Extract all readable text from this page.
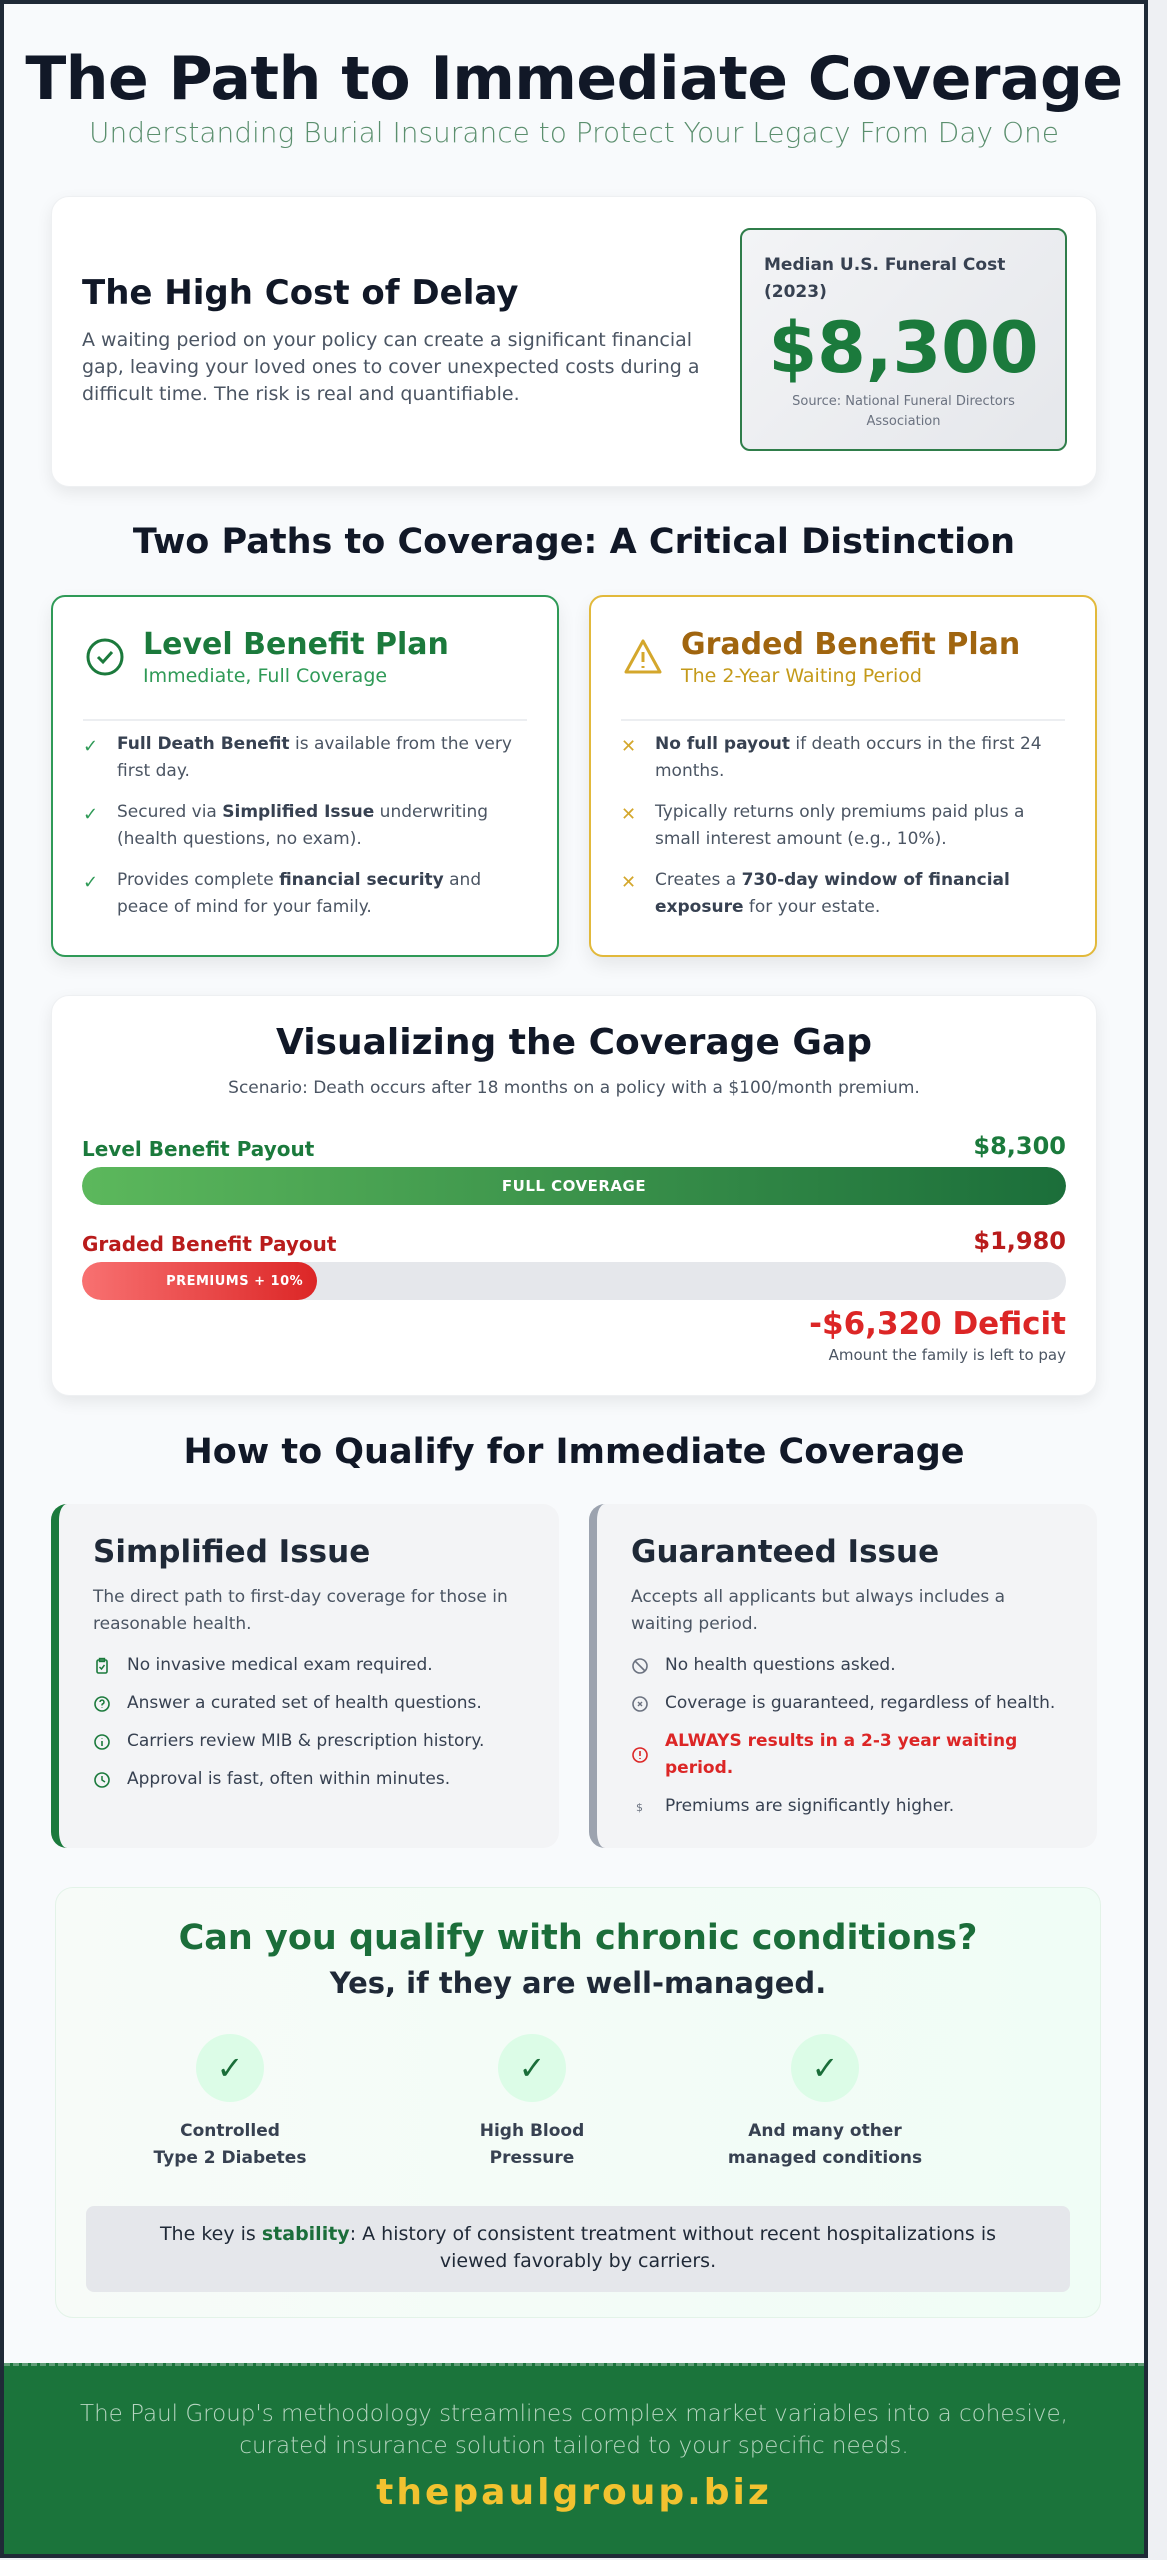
The Path to Immediate Coverage
Understanding Burial Insurance to Protect Your Legacy From Day One
The High Cost of Delay

A waiting period on your policy can create a significant financial gap, leaving your loved ones to cover unexpected costs during a difficult time. The risk is real and quantifiable.

Median U.S. Funeral Cost (2023)
$8,300
Source: National Funeral Directors Association
Two Paths to Coverage: A Critical Distinction
Level Benefit Plan
Immediate, Full Coverage
✓ Full Death Benefit is available from the very first day.
✓ Secured via Simplified Issue underwriting (health questions, no exam).
✓ Provides complete financial security and peace of mind for your family.
Graded Benefit Plan
The 2-Year Waiting Period
✕ No full payout if death occurs in the first 24 months.
✕ Typically returns only premiums paid plus a small interest amount (e.g., 10%).
✕ Creates a 730-day window of financial exposure for your estate.
Visualizing the Coverage Gap
Scenario: Death occurs after 18 months on a policy with a $100/month premium.
Level Benefit Payout	$8,300
FULL COVERAGE
Graded Benefit Payout	$1,980
PREMIUMS + 10%
-$6,320 Deficit
Amount the family is left to pay
How to Qualify for Immediate Coverage
Simplified Issue
The direct path to first-day coverage for those in reasonable health.
No invasive medical exam required.
Answer a curated set of health questions.
Carriers review MIB & prescription history.
Approval is fast, often within minutes.
Guaranteed Issue
Accepts all applicants but always includes a waiting period.
No health questions asked.
Coverage is guaranteed, regardless of health.
ALWAYS results in a 2-3 year waiting period.
$ Premiums are significantly higher.
Can you qualify with chronic conditions?
Yes, if they are well-managed.
✓
Controlled
Type 2 Diabetes
✓
High Blood
Pressure
✓
And many other
managed conditions
The key is stability: A history of consistent treatment without recent hospitalizations is viewed favorably by carriers.

The Paul Group's methodology streamlines complex market variables into a cohesive, curated insurance solution tailored to your specific needs.

thepaulgroup.biz
